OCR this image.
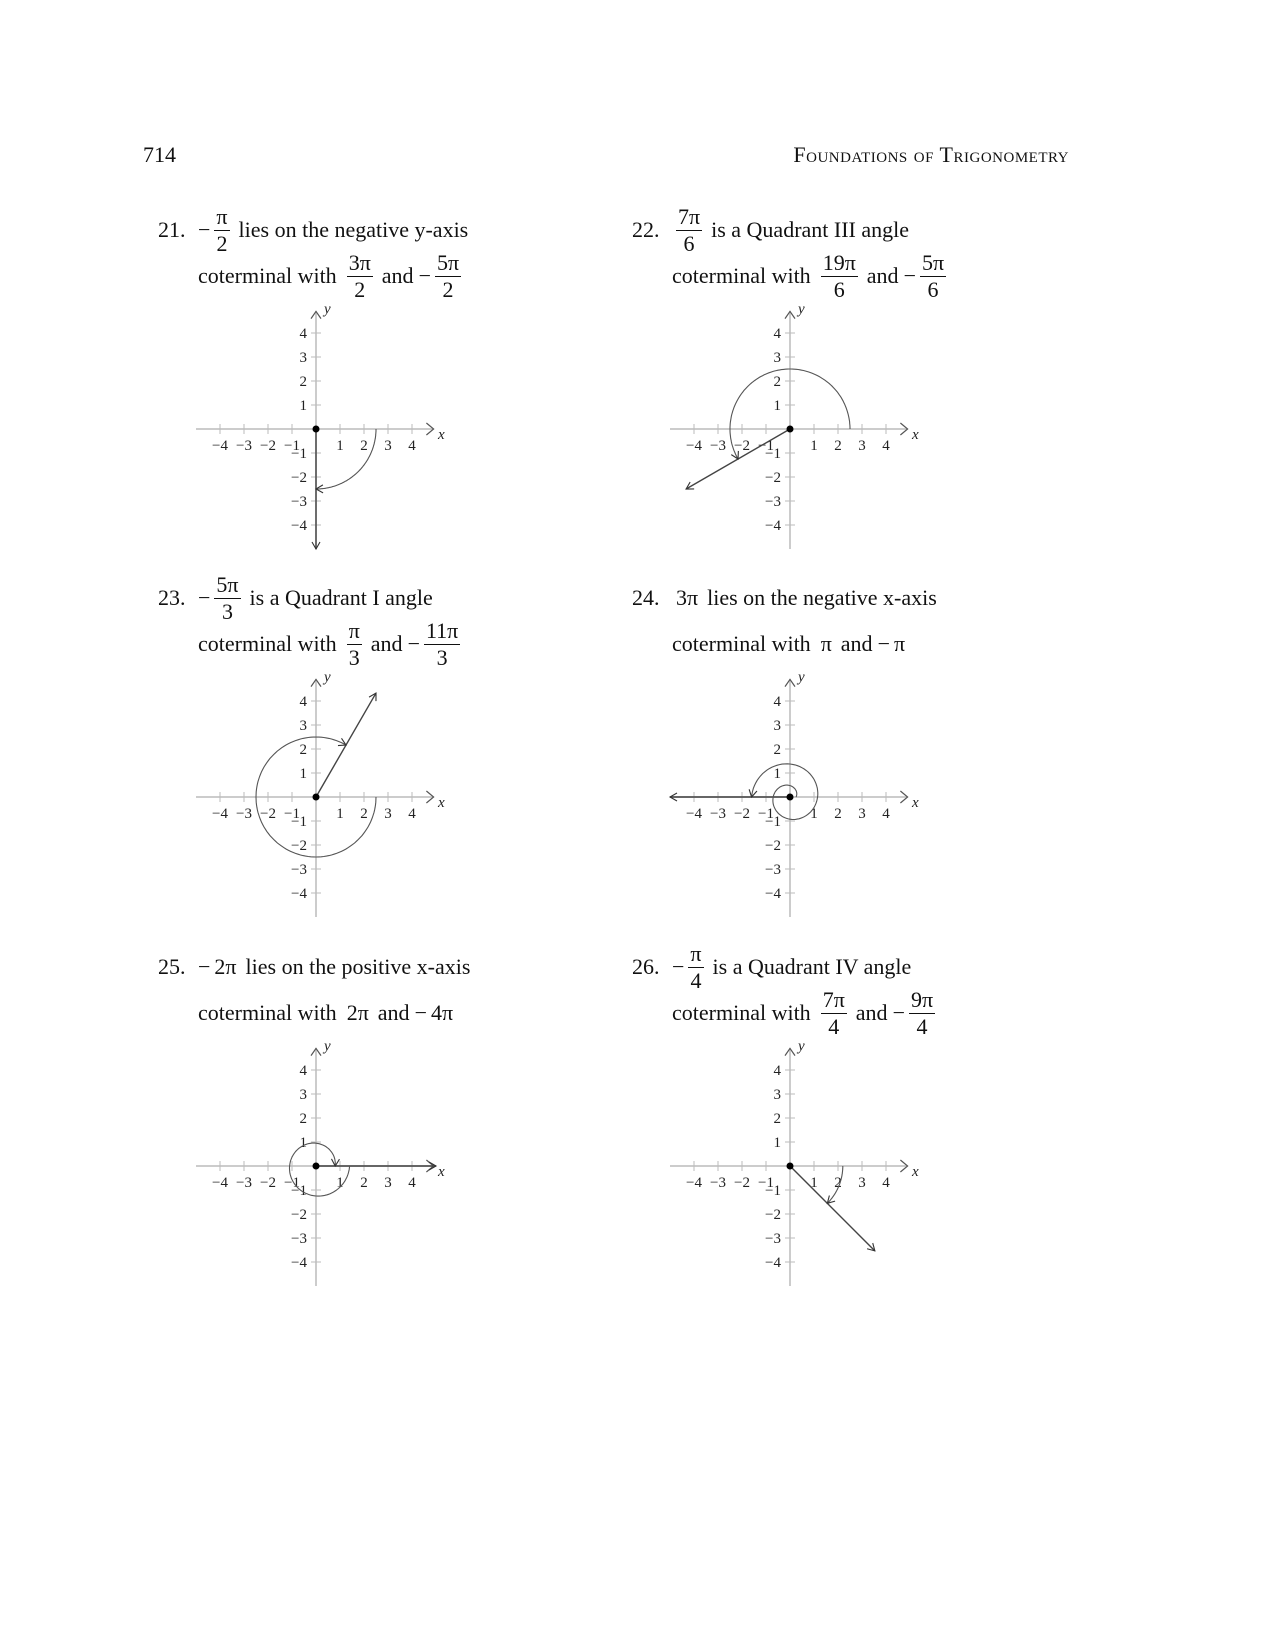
714	Foundations of Trigonometry
21. − $\frac{\pi}{2}$ lies on the negative y-axis
coterminal with $\frac{3\pi}{2}$ and − $\frac{5\pi}{2}$
x
y
−4 −3 −2 −1 1 2 3 4
4
3
2
1
−1
−2
−3
−4
22. $\frac{7\pi}{6}$ is a Quadrant III angle
coterminal with $\frac{19\pi}{6}$ and − $\frac{5\pi}{6}$
x
y
−4 −3 −2 −1 1 2 3 4
4
3
2
1
−1
−2
−3
−4
23. − $\frac{5\pi}{3}$ is a Quadrant I angle
coterminal with $\frac{\pi}{3}$ and − $\frac{11\pi}{3}$
x
y
−4 −3 −2 −1 1 2 3 4
4
3
2
1
−1
−2
−3
−4
24. 3π lies on the negative x-axis
coterminal with π and − π
x
y
−4 −3 −2 −1 1 2 3 4
4
3
2
1
−1
−2
−3
−4
25. − 2π lies on the positive x-axis
coterminal with 2π and − 4π
x
y
−4 −3 −2 −1 1 2 3 4
4
3
2
1
−1
−2
−3
−4
26. − $\frac{\pi}{4}$ is a Quadrant IV angle
coterminal with $\frac{7\pi}{4}$ and − $\frac{9\pi}{4}$
x
y
−4 −3 −2 −1 1 2 3 4
4
3
2
1
−1
−2
−3
−4
